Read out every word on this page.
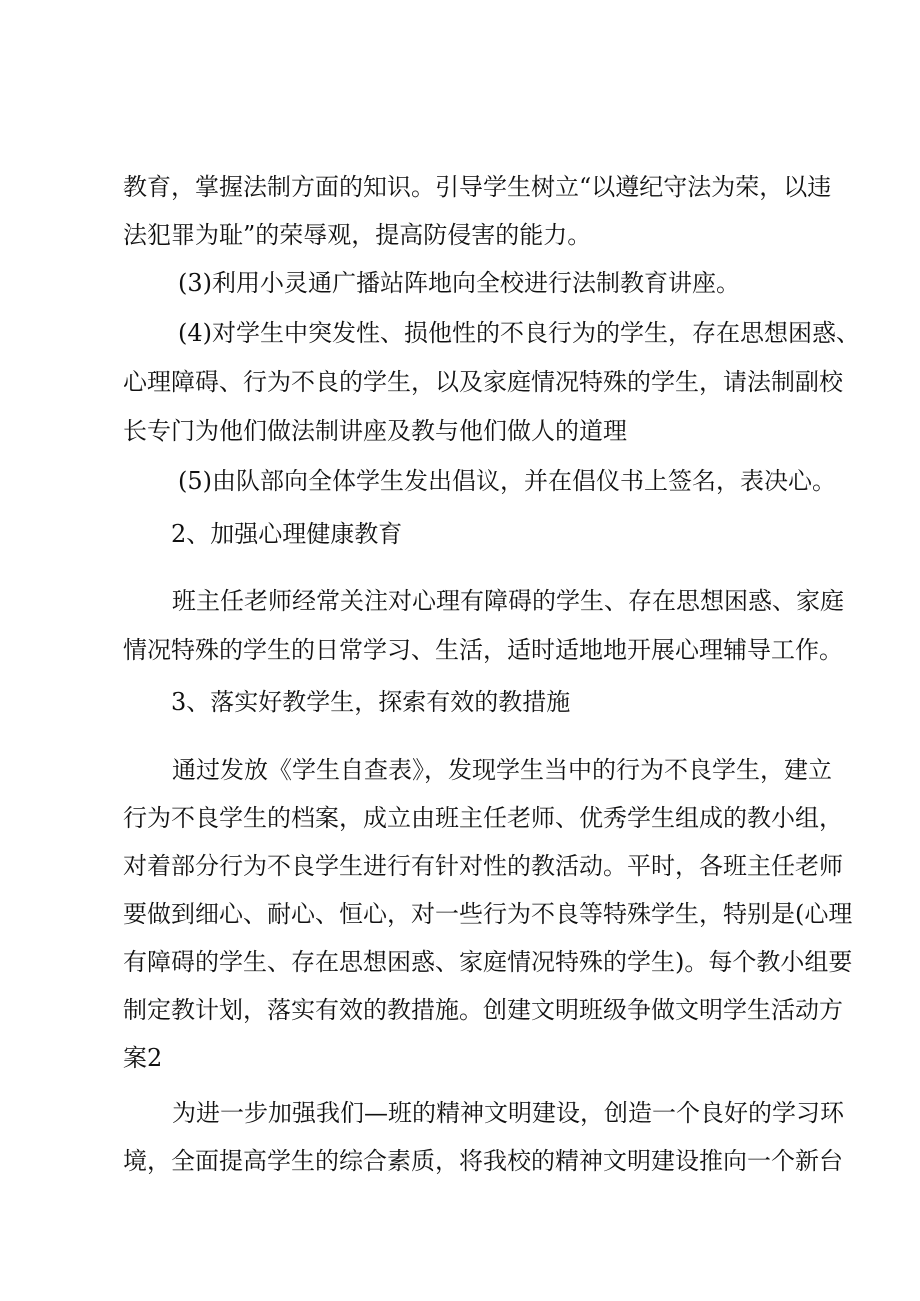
教育，掌握法制方面的知识。引导学生树立“以遵纪守法为荣，以违
法犯罪为耻”的荣辱观，提高防侵害的能力。
(3)利用小灵通广播站阵地向全校进行法制教育讲座。
(4)对学生中突发性、损他性的不良行为的学生，存在思想困惑、
心理障碍、行为不良的学生，以及家庭情况特殊的学生，请法制副校
长专门为他们做法制讲座及教与他们做人的道理
(5)由队部向全体学生发出倡议，并在倡仪书上签名，表决心。
2、加强心理健康教育
班主任老师经常关注对心理有障碍的学生、存在思想困惑、家庭
情况特殊的学生的日常学习、生活，适时适地地开展心理辅导工作。
3、落实好教学生，探索有效的教措施
通过发放《学生自查表》，发现学生当中的行为不良学生，建立
行为不良学生的档案，成立由班主任老师、优秀学生组成的教小组，
对着部分行为不良学生进行有针对性的教活动。平时，各班主任老师
要做到细心、耐心、恒心，对一些行为不良等特殊学生，特别是(心理
有障碍的学生、存在思想困惑、家庭情况特殊的学生)。每个教小组要
制定教计划，落实有效的教措施。创建文明班级争做文明学生活动方
案2
为进一步加强我们—班的精神文明建设，创造一个良好的学习环
境，全面提高学生的综合素质，将我校的精神文明建设推向一个新台
